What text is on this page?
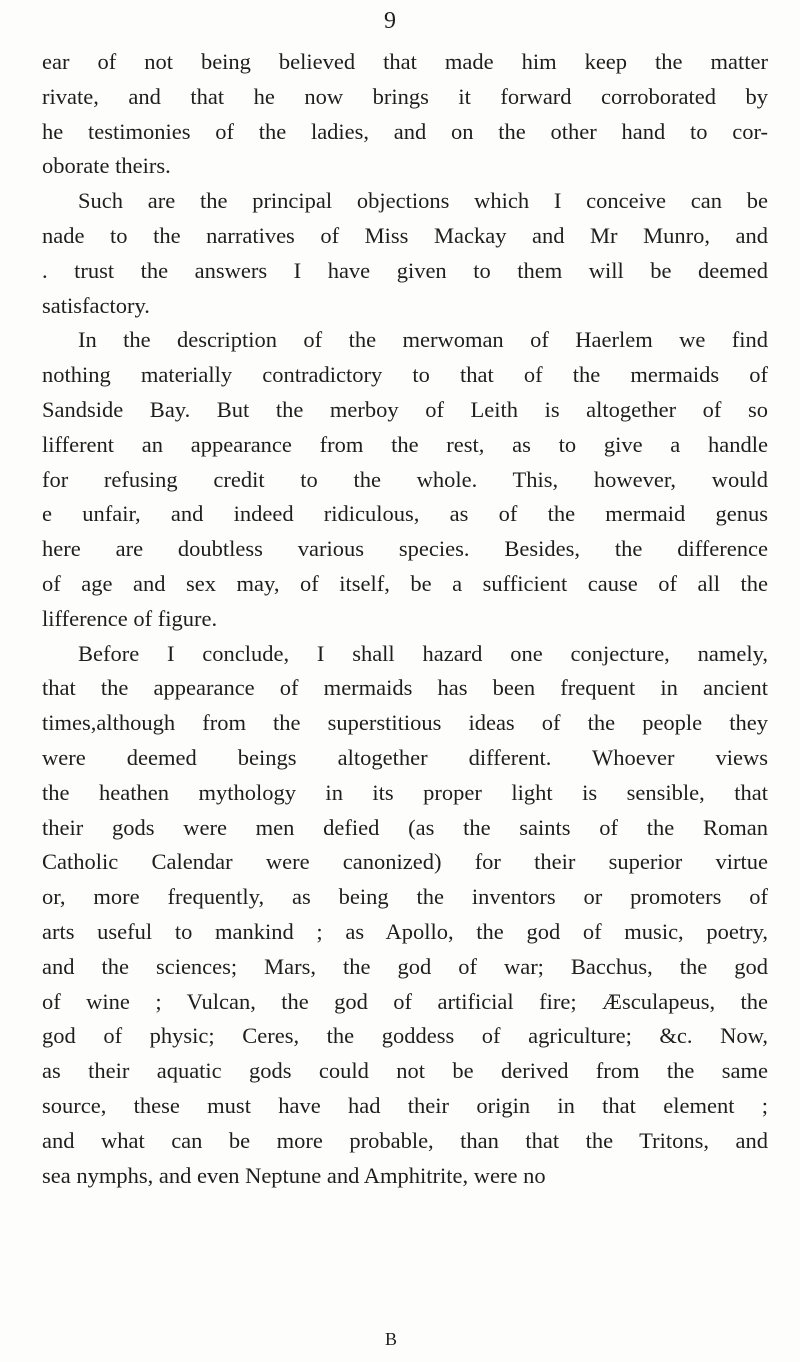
9
ear of not being believed that made him keep the matter
rivate, and that he now brings it forward corroborated by
he testimonies of the ladies, and on the other hand to cor-
oborate theirs.
Such are the principal objections which I conceive can be
nade to the narratives of Miss Mackay and Mr Munro, and
. trust the answers I have given to them will be deemed
satisfactory.
In the description of the merwoman of Haerlem we find
nothing materially contradictory to that of the mermaids of
Sandside Bay. But the merboy of Leith is altogether of so
lifferent an appearance from the rest, as to give a handle
for refusing credit to the whole. This, however, would
e unfair, and indeed ridiculous, as of the mermaid genus
here are doubtless various species. Besides, the difference
of age and sex may, of itself, be a sufficient cause of all the
lifference of figure.
Before I conclude, I shall hazard one conjecture, namely,
that the appearance of mermaids has been frequent in ancient
times,although from the superstitious ideas of the people they
were deemed beings altogether different. Whoever views
the heathen mythology in its proper light is sensible, that
their gods were men defied (as the saints of the Roman
Catholic Calendar were canonized) for their superior virtue
or, more frequently, as being the inventors or promoters of
arts useful to mankind ; as Apollo, the god of music, poetry,
and the sciences; Mars, the god of war; Bacchus, the god
of wine ; Vulcan, the god of artificial fire; Æsculapeus, the
god of physic; Ceres, the goddess of agriculture; &c. Now,
as their aquatic gods could not be derived from the same
source, these must have had their origin in that element ;
and what can be more probable, than that the Tritons, and
sea nymphs, and even Neptune and Amphitrite, were no
B
